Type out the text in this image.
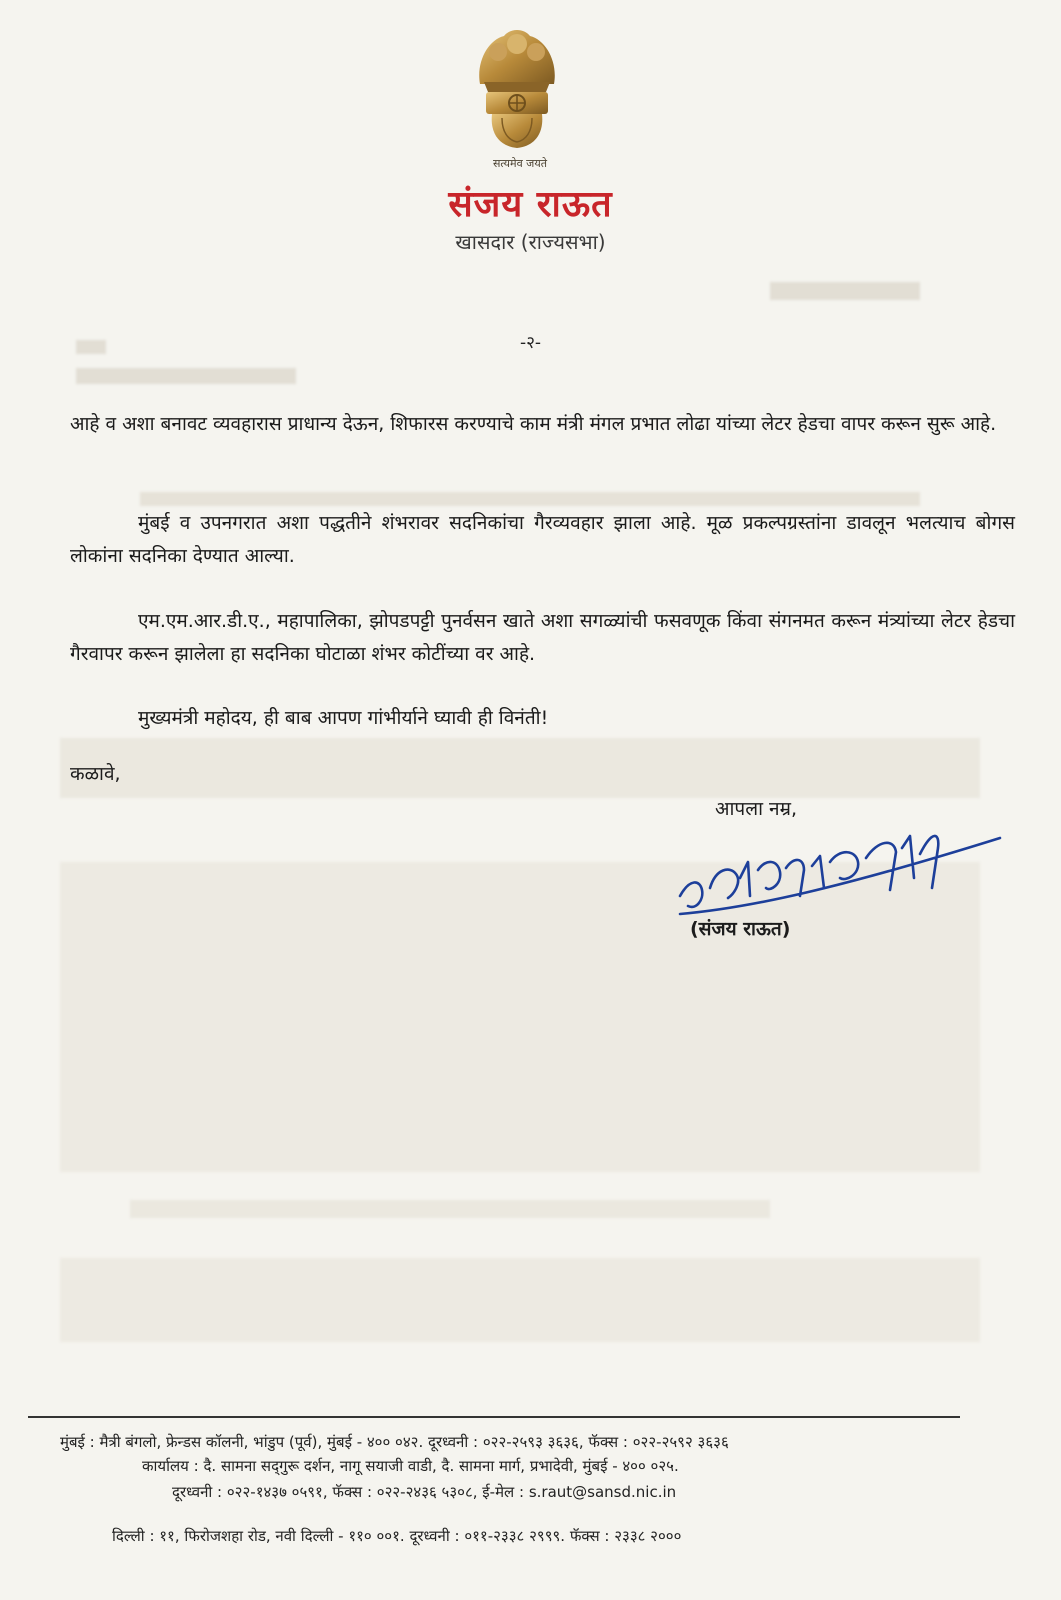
सत्यमेव जयते
संजय राऊत
खासदार (राज्यसभा)
-२-
आहे व अशा बनावट व्यवहारास प्राधान्य देऊन, शिफारस करण्याचे काम मंत्री मंगल प्रभात लोढा यांच्या लेटर हेडचा वापर करून सुरू आहे.
मुंबई व उपनगरात अशा पद्धतीने शंभरावर सदनिकांचा गैरव्यवहार झाला आहे. मूळ प्रकल्पग्रस्तांना डावलून भलत्याच बोगस लोकांना सदनिका देण्यात आल्या.
एम.एम.आर.डी.ए., महापालिका, झोपडपट्टी पुनर्वसन खाते अशा सगळ्यांची फसवणूक किंवा संगनमत करून मंत्र्यांच्या लेटर हेडचा गैरवापर करून झालेला हा सदनिका घोटाळा शंभर कोटींच्या वर आहे.
मुख्यमंत्री महोदय, ही बाब आपण गांभीर्याने घ्यावी ही विनंती!
कळावे,
आपला नम्र,
(संजय राऊत)
मुंबई : मैत्री बंगलो, फ्रेन्डस कॉलनी, भांडुप (पूर्व), मुंबई - ४०० ०४२. दूरध्वनी : ०२२-२५९३ ३६३६, फॅक्स : ०२२-२५९२ ३६३६
कार्यालय : दै. सामना सद्‌गुरू दर्शन, नागू सयाजी वाडी, दै. सामना मार्ग, प्रभादेवी, मुंबई - ४०० ०२५.
दूरध्वनी : ०२२-१४३७ ०५९१, फॅक्स : ०२२-२४३६ ५३०८, ई-मेल : s.raut@sansd.nic.in
दिल्ली : ११, फिरोजशहा रोड, नवी दिल्ली - ११० ००१. दूरध्वनी : ०११-२३३८ २९९९. फॅक्स : २३३८ २०००
